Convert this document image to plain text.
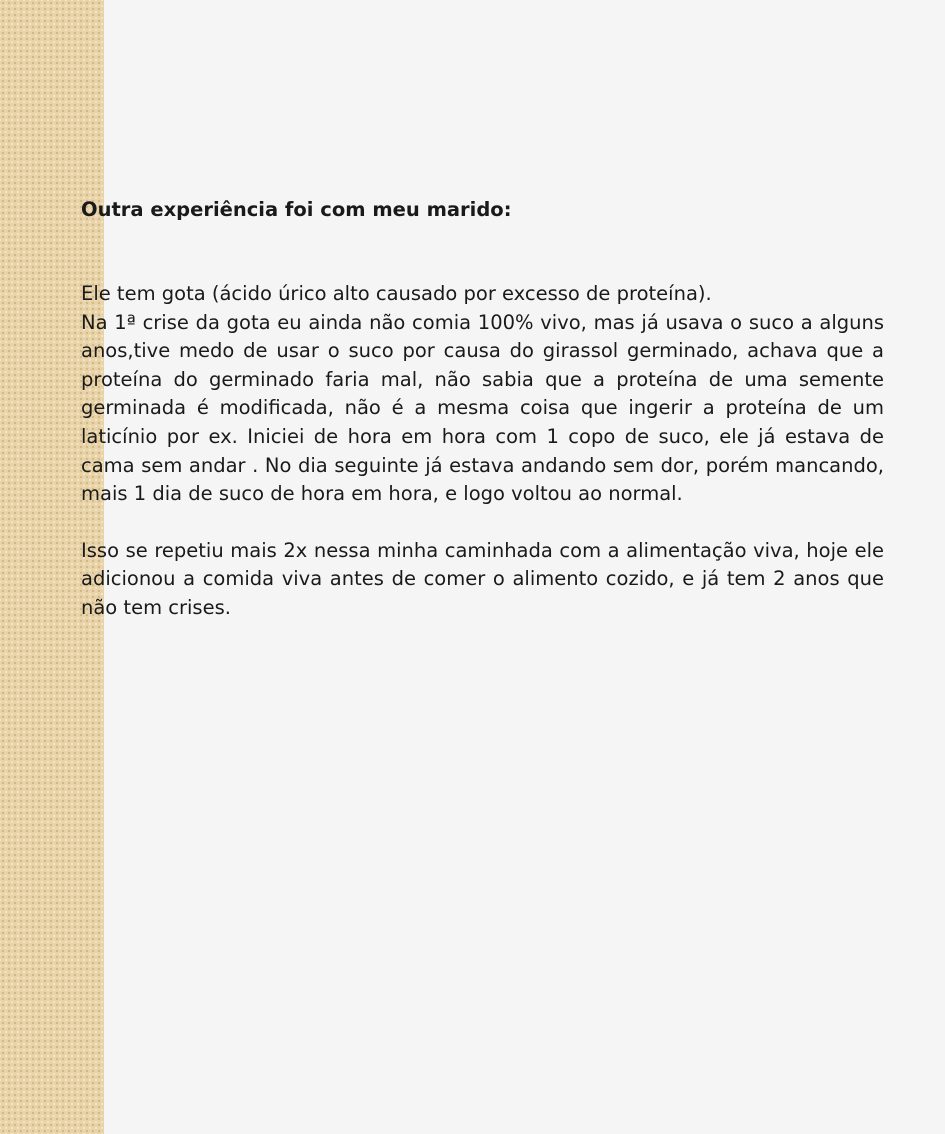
Outra experiência foi com meu marido:

Ele tem gota (ácido úrico alto causado por excesso de proteína).
Na 1ª crise da gota eu ainda não comia 100% vivo, mas já usava o suco a alguns anos,tive medo de usar o suco por causa do girassol germinado, achava que a proteína do germinado faria mal, não sabia que a proteína de uma semente germinada é modificada, não é a mesma coisa que ingerir a proteína de um laticínio por ex. Iniciei de hora em hora com 1 copo de suco, ele já estava de cama sem andar . No dia seguinte já estava andando sem dor, porém mancando, mais 1 dia de suco de hora em hora, e logo voltou ao normal.

Isso se repetiu mais 2x nessa minha caminhada com a alimentação viva, hoje ele adicionou a comida viva antes de comer o alimento cozido, e já tem 2 anos que não tem crises.
